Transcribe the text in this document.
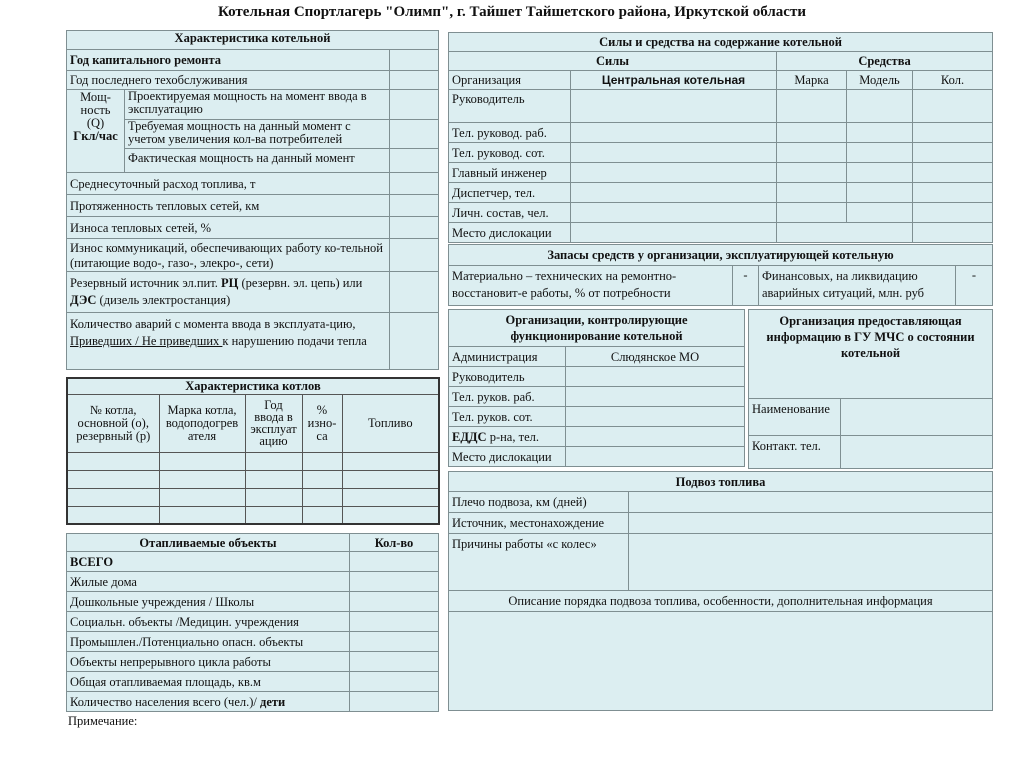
Котельная Спортлагерь "Олимп", г. Тайшет Тайшетского района, Иркутской области
Характеристика котельной		
Год капитального ремонта		
Год последнего техобслуживания		
Мощ-
ность
(Q)
Гкл/час	Проектируемая мощность на момент ввода в эксплуатацию	
	Требуемая мощность на данный момент с учетом увеличения кол-ва потребителей	
	Фактическая мощность на данный момент	
Среднесуточный расход топлива, т		
Протяженность тепловых сетей, км		
Износа тепловых сетей, %		
Износ коммуникаций, обеспечивающих работу ко-тельной (питающие водо-, газо-, элекро-, сети)		
Резервный источник эл.пит. РЦ (резервн. эл. цепь) или ДЭС (дизель электростанция)		
Количество аварий с момента ввода в эксплуата-цию, Приведших / Не приведших к нарушению подачи тепла		
Характеристика котлов				
№ котла, основной (о), резервный (р)	Марка котла, водоподогрев ателя	Год ввода в эксплуат ацию	% изно-са	Топливо

Отапливаемые объекты	Кол-во
ВСЕГО	
Жилые дома	
Дошкольные учреждения / Школы	
Социальн. объекты /Медицин. учреждения	
Промышлен./Потенциально опасн. объекты	
Объекты непрерывного цикла работы	
Общая отапливаемая площадь, кв.м	
Количество населения всего (чел.)/ дети	
Примечание:
Силы и средства на содержание котельной				
Силы		Средства		
Организация	Центральная котельная	Марка	Модель	Кол.
Руководитель				
Тел. руковод. раб.				
Тел. руковод. сот.				
Главный инженер				
Диспетчер, тел.				
Личн. состав, чел.				
Место дислокации				
Запасы средств у организации, эксплуатирующей котельную
Материально – технических на ремонтно-восстановит-е работы, % от потребности	-	Финансовых, на ликвидацию аварийных ситуаций, млн. руб	-
Организации, контролирующие функционирование котельной	
Администрация	Слюдянское МО
Руководитель	
Тел. руков. раб.	
Тел. руков. сот.	
ЕДДС р-на, тел.	
Место дислокации	
Организация предоставляющая информацию в ГУ МЧС о состоянии котельной	
Наименование	
Контакт. тел.	
Подвоз топлива	
Плечо подвоза, км (дней)	
Источник, местонахождение	
Причины работы «с колес»	
Описание порядка подвоза топлива, особенности, дополнительная информация	
